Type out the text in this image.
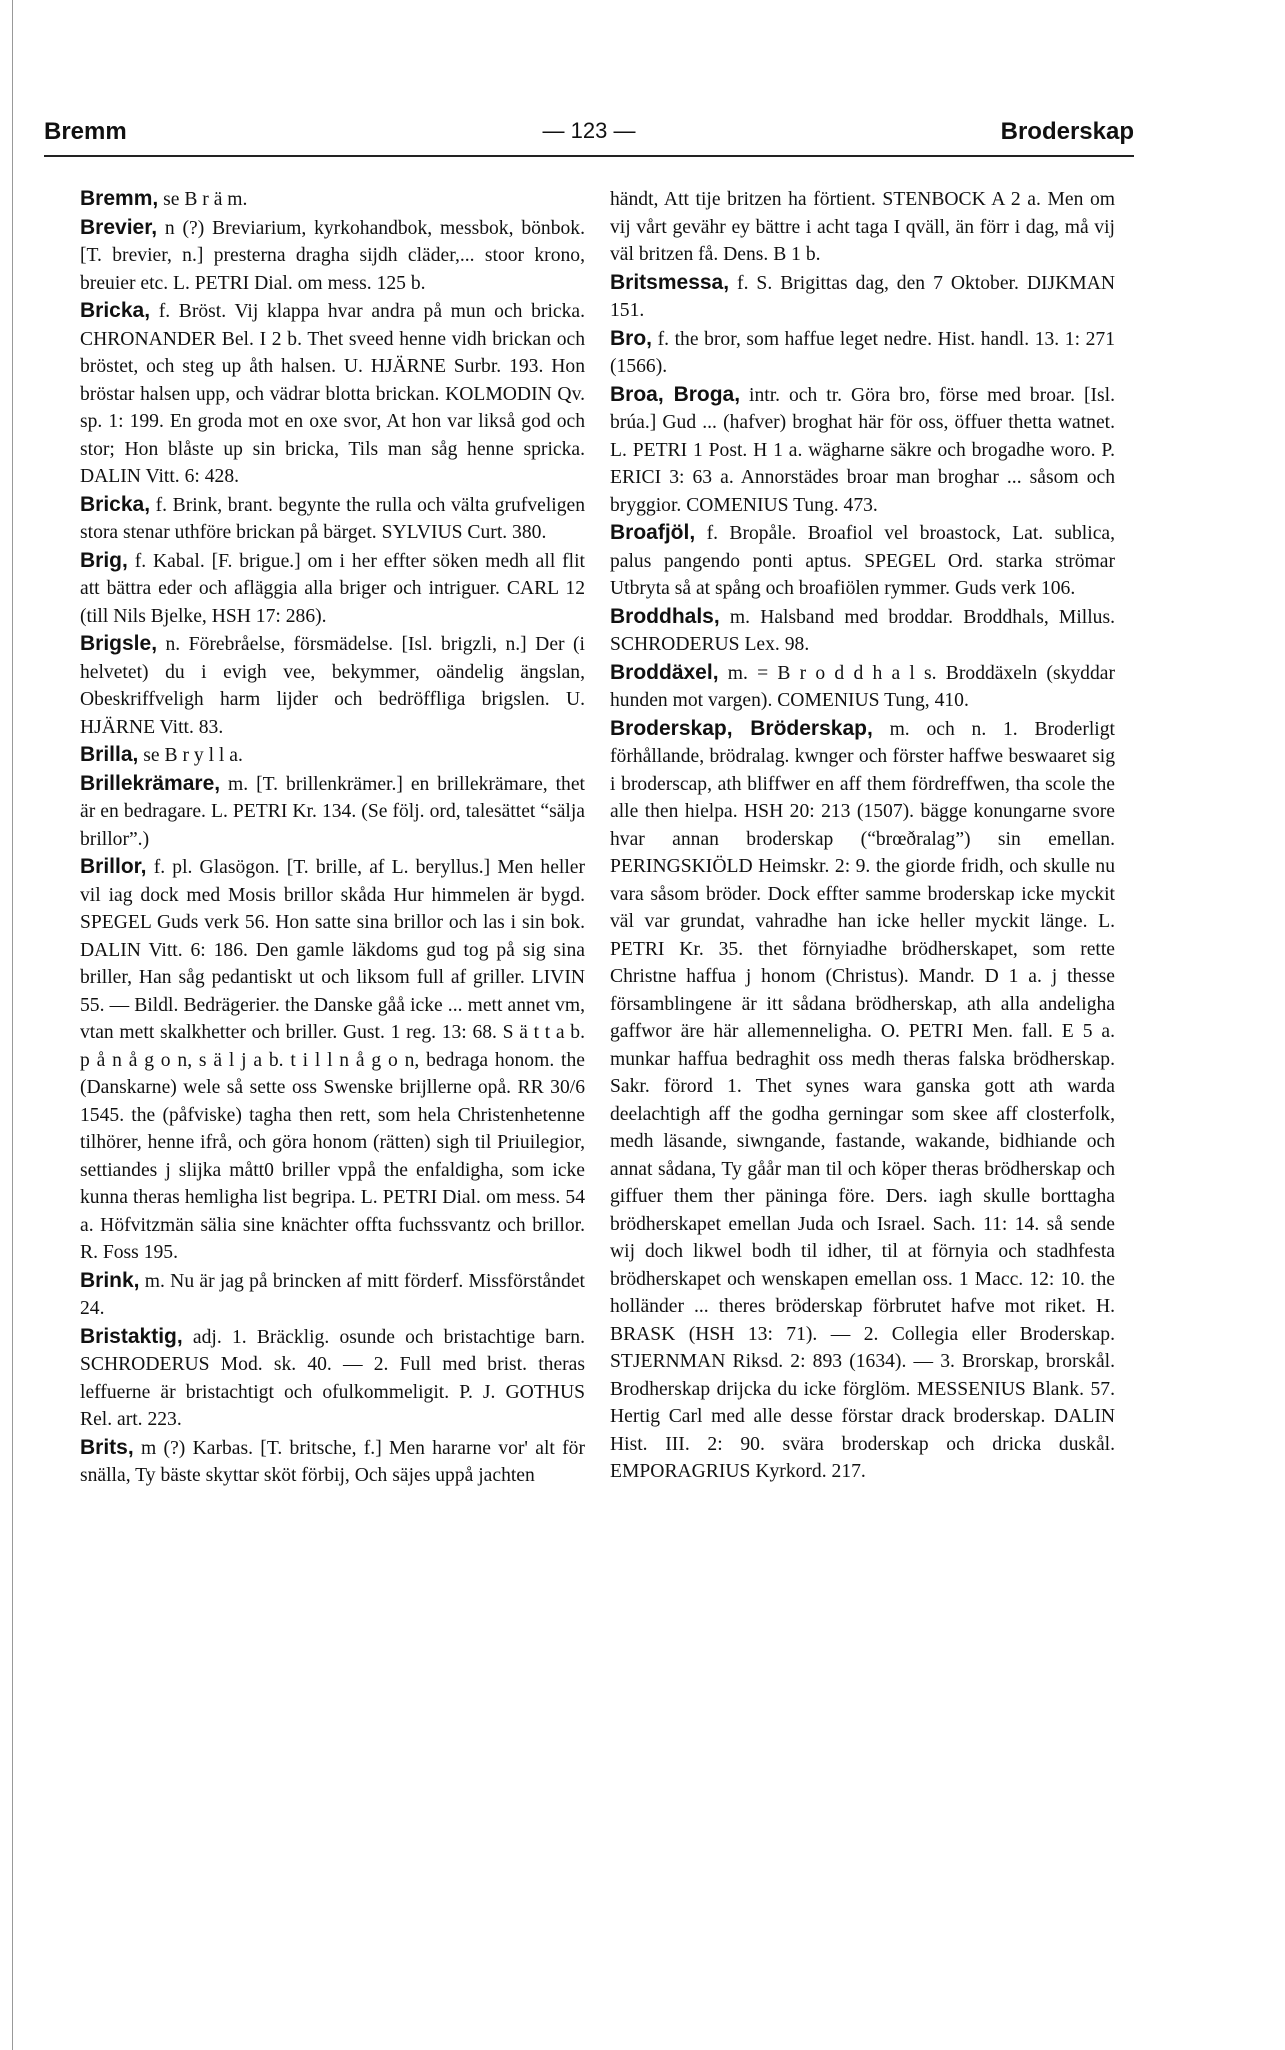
Bremm	— 123 —	Broderskap

Bremm, se B r ä m.

Brevier, n (?) Breviarium, kyrkohandbok, messbok, bönbok. [T. brevier, n.] presterna dragha sijdh cläder,... stoor krono, breuier etc. L. PETRI Dial. om mess. 125 b.

Bricka, f. Bröst. Vij klappa hvar andra på mun och bricka. CHRONANDER Bel. I 2 b. Thet sveed henne vidh brickan och bröstet, och steg up åth halsen. U. HJÄRNE Surbr. 193. Hon bröstar halsen upp, och vädrar blotta brickan. KOLMODIN Qv. sp. 1: 199. En groda mot en oxe svor, At hon var likså god och stor; Hon blåste up sin bricka, Tils man såg henne spricka. DALIN Vitt. 6: 428.

Bricka, f. Brink, brant. begynte the rulla och välta grufveligen stora stenar uthföre brickan på bärget. SYLVIUS Curt. 380.

Brig, f. Kabal. [F. brigue.] om i her effter söken medh all flit att bättra eder och afläggia alla briger och intriguer. CARL 12 (till Nils Bjelke, HSH 17: 286).

Brigsle, n. Förebråelse, försmädelse. [Isl. brigzli, n.] Der (i helvetet) du i evigh vee, bekymmer, oändelig ängslan, Obeskriffveligh harm lijder och bedröffliga brigslen. U. HJÄRNE Vitt. 83.

Brilla, se B r y l l a.

Brillekrämare, m. [T. brillenkrämer.] en brillekrämare, thet är en bedragare. L. PETRI Kr. 134. (Se följ. ord, talesättet “sälja brillor”.)

Brillor, f. pl. Glasögon. [T. brille, af L. beryllus.] Men heller vil iag dock med Mosis brillor skåda Hur himmelen är bygd. SPEGEL Guds verk 56. Hon satte sina brillor och las i sin bok. DALIN Vitt. 6: 186. Den gamle läkdoms gud tog på sig sina briller, Han såg pedantiskt ut och liksom full af griller. LIVIN 55. — Bildl. Bedrägerier. the Danske gåå icke ... mett annet vm, vtan mett skalkhetter och briller. Gust. 1 reg. 13: 68. S ä t t a b. p å n å g o n, s ä l j a b. t i l l n å g o n, bedraga honom. the (Danskarne) wele så sette oss Swenske brijllerne opå. RR 30/6 1545. the (påfviske) tagha then rett, som hela Christenhetenne tilhörer, henne ifrå, och göra honom (rätten) sigh til Priuilegior, settiandes j slijka mått0 briller vppå the enfaldigha, som icke kunna theras hemligha list begripa. L. PETRI Dial. om mess. 54 a. Höfvitzmän sälia sine knächter offta fuchssvantz och brillor. R. Foss 195.

Brink, m. Nu är jag på brincken af mitt förderf. Missförståndet 24.

Bristaktig, adj. 1. Bräcklig. osunde och bristachtige barn. SCHRODERUS Mod. sk. 40. — 2. Full med brist. theras leffuerne är bristachtigt och ofulkommeligit. P. J. GOTHUS Rel. art. 223.

Brits, m (?) Karbas. [T. britsche, f.] Men hararne vor' alt för snälla, Ty bäste skyttar sköt förbij, Och säjes uppå jachten

händt, Att tije britzen ha förtient. STENBOCK A 2 a. Men om vij vårt gevähr ey bättre i acht taga I qväll, än förr i dag, må vij väl britzen få. Dens. B 1 b.

Britsmessa, f. S. Brigittas dag, den 7 Oktober. DIJKMAN 151.

Bro, f. the bror, som haffue leget nedre. Hist. handl. 13. 1: 271 (1566).

Broa, Broga, intr. och tr. Göra bro, förse med broar. [Isl. brúa.] Gud ... (hafver) broghat här för oss, öffuer thetta watnet. L. PETRI 1 Post. H 1 a. wägharne säkre och brogadhe woro. P. ERICI 3: 63 a. Annorstädes broar man broghar ... såsom och bryggior. COMENIUS Tung. 473.

Broafjöl, f. Bropåle. Broafiol vel broastock, Lat. sublica, palus pangendo ponti aptus. SPEGEL Ord. starka strömar Utbryta så at spång och broafiölen rymmer. Guds verk 106.

Broddhals, m. Halsband med broddar. Broddhals, Millus. SCHRODERUS Lex. 98.

Broddäxel, m. = B r o d d h a l s. Broddäxeln (skyddar hunden mot vargen). COMENIUS Tung, 410.

Broderskap, Bröderskap, m. och n. 1. Broderligt förhållande, brödralag. kwnger och förster haffwe beswaaret sig i broderscap, ath bliffwer en aff them fördreffwen, tha scole the alle then hielpa. HSH 20: 213 (1507). bägge konungarne svore hvar annan broderskap (“brœðralag”) sin emellan. PERINGSKIÖLD Heimskr. 2: 9. the giorde fridh, och skulle nu vara såsom bröder. Dock effter samme broderskap icke myckit väl var grundat, vahradhe han icke heller myckit länge. L. PETRI Kr. 35. thet förnyiadhe brödherskapet, som rette Christne haffua j honom (Christus). Mandr. D 1 a. j thesse församblingene är itt sådana brödherskap, ath alla andeligha gaffwor äre här allemenneligha. O. PETRI Men. fall. E 5 a. munkar haffua bedraghit oss medh theras falska brödherskap. Sakr. förord 1. Thet synes wara ganska gott ath warda deelachtigh aff the godha gerningar som skee aff closterfolk, medh läsande, siwngande, fastande, wakande, bidhiande och annat sådana, Ty gåår man til och köper theras brödherskap och giffuer them ther päninga före. Ders. iagh skulle borttagha brödherskapet emellan Juda och Israel. Sach. 11: 14. så sende wij doch likwel bodh til idher, til at förnyia och stadhfesta brödherskapet och wenskapen emellan oss. 1 Macc. 12: 10. the holländer ... theres bröderskap förbrutet hafve mot riket. H. BRASK (HSH 13: 71). — 2. Collegia eller Broderskap. STJERNMAN Riksd. 2: 893 (1634). — 3. Brorskap, brorskål. Brodherskap drijcka du icke förglöm. MESSENIUS Blank. 57. Hertig Carl med alle desse förstar drack broderskap. DALIN Hist. III. 2: 90. svära broderskap och dricka duskål. EMPORAGRIUS Kyrkord. 217.
